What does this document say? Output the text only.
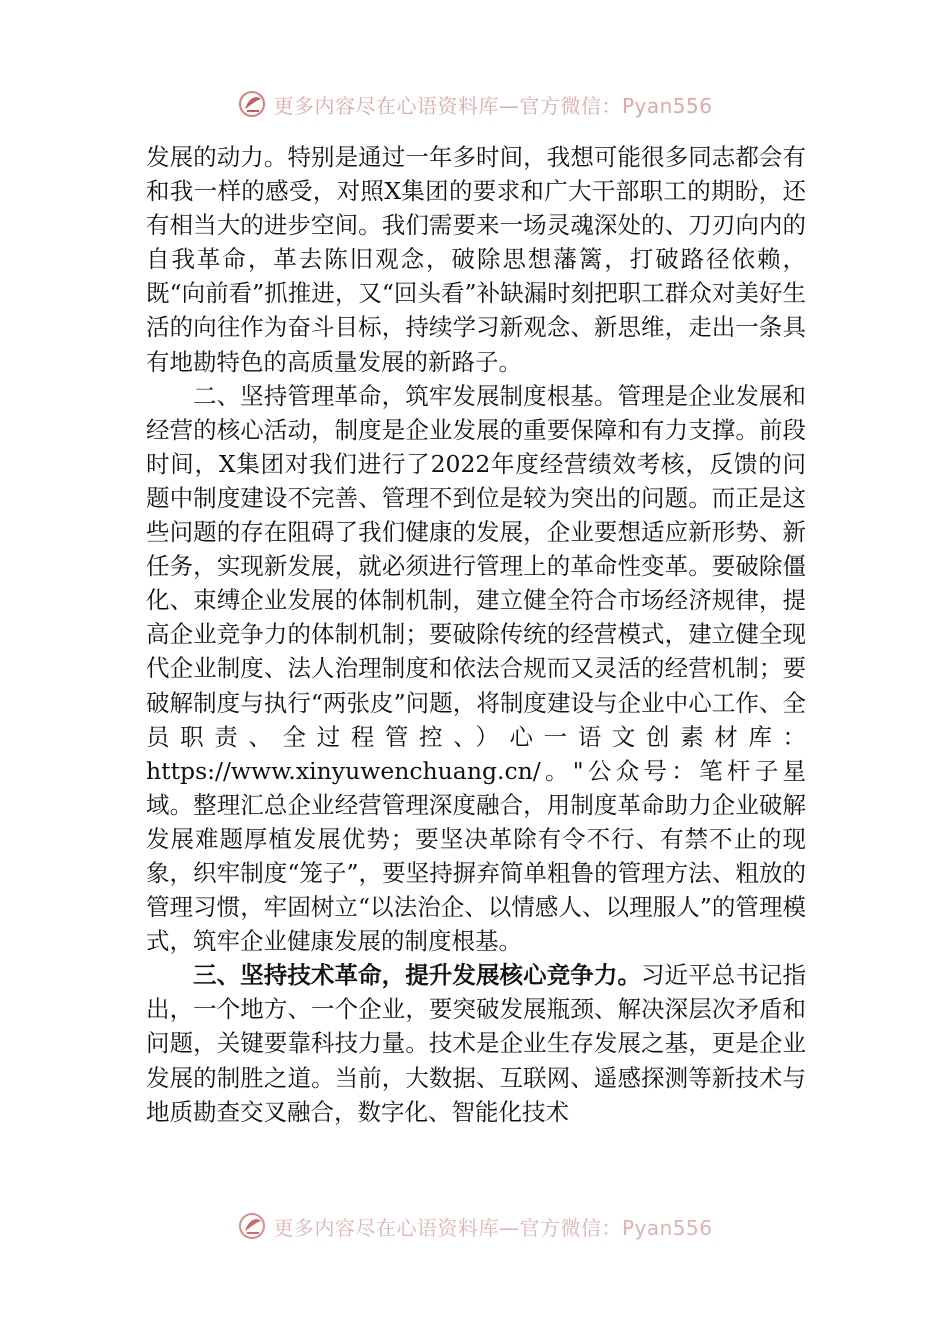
更多内容尽在心语资料库—官方微信：Pyan556

发展的动力。特别是通过一年多时间，我想可能很多同志都会有和我一样的感受，对照X集团的要求和广大干部职工的期盼，还有相当大的进步空间。我们需要来一场灵魂深处的、刀刃向内的自我革命，革去陈旧观念，破除思想藩篱，打破路径依赖，既“向前看”抓推进，又“回头看”补缺漏时刻把职工群众对美好生活的向往作为奋斗目标，持续学习新观念、新思维，走出一条具有地勘特色的高质量发展的新路子。

二、坚持管理革命，筑牢发展制度根基。管理是企业发展和经营的核心活动，制度是企业发展的重要保障和有力支撑。前段时间，X集团对我们进行了2022年度经营绩效考核，反馈的问题中制度建设不完善、管理不到位是较为突出的问题。而正是这些问题的存在阻碍了我们健康的发展，企业要想适应新形势、新任务，实现新发展，就必须进行管理上的革命性变革。要破除僵化、束缚企业发展的体制机制，建立健全符合市场经济规律，提高企业竞争力的体制机制；要破除传统的经营模式，建立健全现代企业制度、法人治理制度和依法合规而又灵活的经营机制；要破解制度与执行“两张皮”问题，将制度建设与企业中心工作、全员职责、全过程管控、）心一语文创素材库：https://www.xinyuwenchuang.cn/。"公众号：笔杆子星域。整理汇总企业经营管理深度融合，用制度革命助力企业破解发展难题厚植发展优势；要坚决革除有令不行、有禁不止的现象，织牢制度“笼子”，要坚持摒弃简单粗鲁的管理方法、粗放的管理习惯，牢固树立“以法治企、以情感人、以理服人”的管理模式，筑牢企业健康发展的制度根基。

三、坚持技术革命，提升发展核心竞争力。习近平总书记指出，一个地方、一个企业，要突破发展瓶颈、解决深层次矛盾和问题，关键要靠科技力量。技术是企业生存发展之基，更是企业发展的制胜之道。当前，大数据、互联网、遥感探测等新技术与地质勘查交叉融合，数字化、智能化技术

更多内容尽在心语资料库—官方微信：Pyan556
